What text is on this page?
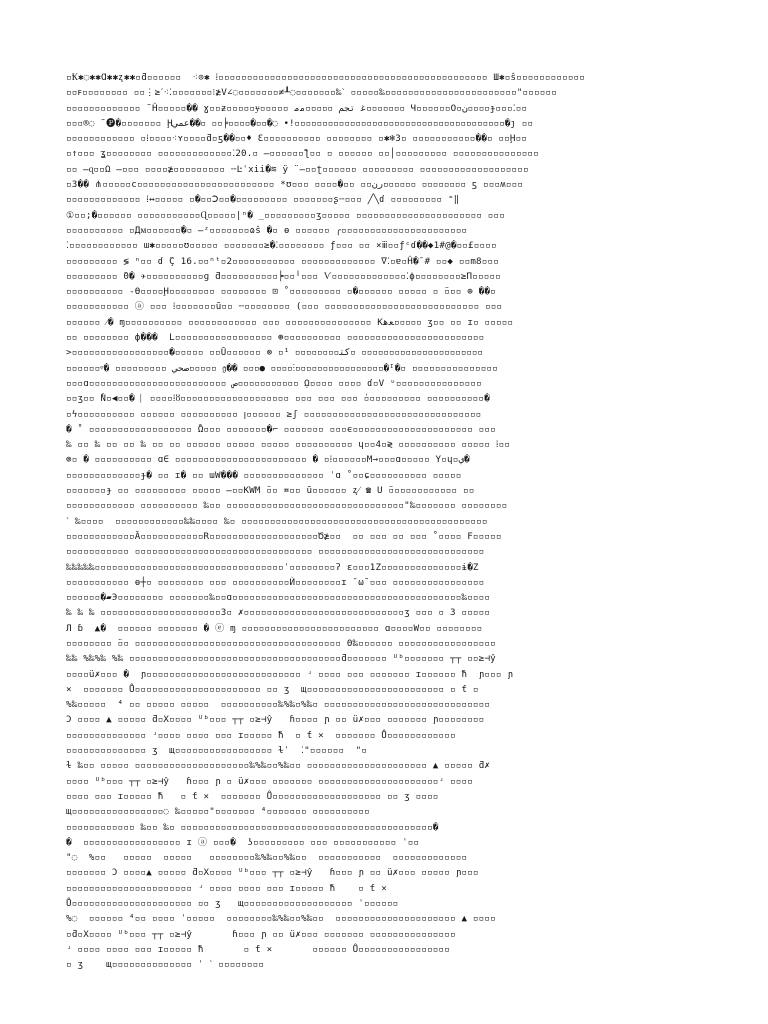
▫Ҟ✱◌✱✱Ɑ✱✱ʐ✱✱▫ƌ▫▫▫▫▫▫  ⁖⊙✱ ⁞▫▫▫▫▫▫▫▫▫▫▫▫▫▫▫▫▫▫▫▫▫▫▫▫▫▫▫▫▫▫▫▫▫▫▫▫▫▫▫▫▫▫▫▫▫▫▫ Ш✱▫ŝ▫▫▫▫▫▫▫▫▫▫▫▫
▫▫ꜰ▫▫▫▫▫▫▫▫ ▫▫⋮≥ˊ⁖⁚▫▫▫▫▫▫▫⁝≵V∠◌▫▫▫▫▫▫▫≠┸◌▫▫▫▫▫▫▫‰ˋ ▫▫▫▫▫‰▫▫▫▫▫▫▫▫▫▫▫▫▫▫▫▫▫▫▫▫▫▫▫"▫▫▫▫▫▫
▫▫▫▫▫▫▫▫▫▫▫▫▫ ˜Ĥ▫▫▫▫▫�� ɣ▫▫ƶ▫▫▫▫▫ɏ▫▫▫▫▫ ﻏ ﺗﺠﻢ ▫▫▫▫▫ﻣﻣ▫▫▫▫▫▫▫ Ч▫▫▫▫▫▫O▫ﻥ▫▫▫▫ɟ▫▫▫⁚▫▫
▫▫▫®◌ ̃ 🅟�▫▫▫▫▫▫▫ Ḩﻋﻤﻲ��▫ ▫▫╞▫▫▫▫�▫▫�◌ •!▫▫▫▫▫▫▫▫▫▫▫▫▫▫▫▫▫▫▫▫▫▫▫▫▫▫▫▫▫▫▫▫▫▫▫▫▫▫�ȷ ▫▫
▫▫▫▫▫▫▫▫▫▫▫▫ ▫⁞▫▫▫▫⁖ʏ▫▫▫▫ƌ▫ƽ��▫▫♦ Ɛ▫▫▫▫▫▫▫▫▫▫ ▫▫▫▫▫▫▫▫ ▫✱❄3▫ ▫▫▫▫▫▫▫▫▫▫▫��▫ ▫▫Ḩ▫▫
▫↑▫▫▫ ʓ▫▫▫▫▫▫▫▫ ▫▫▫▫▫▫▫▫▫▫▫▫▫⁚20.▫ ̶▫▫▫▫▫▫ƪ▫▫ ▫ ▫▫▫▫▫▫ ▫▫│▫▫▫▫▫▫▫▫▫ ▫▫▫▫▫▫▫▫▫▫▫▫▫▫▫
▫▫ ̶ɋ▫▫Ω ̶▫▫▫ ▫▫▫▫≱▫▫▫▫▫▫▫▫▫ ╌Ŀˈxii�≋ ÿ ̈ ̶▫▫ʈ▫▫▫▫▫▫ ▫▫▫▫▫▫▫▫▫ ▫▫▫▫▫▫▫▫▫▫▫▫▫▫▫▫▫▫▫
▫3�� ⋔▫▫▫▫▫ϲ▫▫▫▫▫▫▫▫▫▫▫▫▫▫▫▫▫▫▫▫▫▫▫▫ *ʊ▫▫▫ ▫▫▫▫�▫▫ ▫▫ﺭﻥ▫▫▫▫▫▫ ▫▫▫▫▫▫▫▫ ƽ ▫▫▫ʍ▫▫▫
▫▫▫▫▫▫▫▫▫▫▫▫▫ ⁞↔▫▫▫▫▫ ▫�▫▫Ↄ▫▫�▫▫▫▫▫▫▫▫▫ ▫▫▫▫▫▫▫ʂ╌▫▫▫ ╱╲ɗ ▫▫▫▫▫▫▫▫▫ ⁼‖
①▫▫;�▫▫▫▫▫▫ ▫▫▫▫▫▫▫▫▫▫▫Ɋ▫▫▫▫▫|ⁿ� ̲▫▫▫▫▫▫▫▫▫ʒ▫▫▫▫▫ ▫▫▫▫▫▫▫▫▫▫▫▫▫▫▫▫▫▫▫▫▫▫ ▫▫▫
▫▫▫▫▫▫▫▫▫▫ ▫Дᴍ▫▫▫▫▫▫�▫ ̶ᶻ▫▫▫▫▫▫▫ɷŝ �▫ ɵ ▫▫▫▫▫▫ ╭▫▫▫▫▫▫▫▫▫▫▫▫▫▫▫▫▫▫▫▫▫▫
⁚▫▫▫▫▫▫▫▫▫▫▫▫ ɯ✱▫▫▫▫▫ʊ▫▫▫▫▫ ▫▫▫▫▫▫▫≥�⁚▫▫▫▫▫▫▫▫ ƒ▫▫▫ ▫▫ ×ⅲ▫▫ƒᶜɗ��◆1#@�▫▫£▫▫▫▫
▫▫▫▫▫▫▫▫▫ ≶ ⁿ▫▫ ɗ ̈Ç 16.▫▫ⁿᵗ▫2▫▫▫▫▫▫▫▫▫▫▫ ▫▫▫▫▫▫▫▫▫▫▫▫▫ ∇⁚▫ɐ▫Ĥ�ˉ# ▫▫◆ ▫▫m8▫▫▫
▫▫▫▫▫▫▫▫▫ ̈0� ✈▫▫▫▫▫▫▫▫▫▫ɡ ƌ▫▫▫▫▫▫▫▫▫▫┝▫▫╵▫▫▫ Ѵ▫▫▫▫▫▫▫▫▫▫▫▫▫⁚ϕ▫▫▫▫▫▫▫▫≥Π▫▫▫▫▫
▫▫▫▫▫▫▫▫▫▫ -ϴ▫▫▫▫Ḩ▫▫▫▫▫▫▫▫ ▫▫▫▫▫▫▫▫ ⊡ ̊ ▫▫▫▫▫▫▫▫▫ ▫�▫▫▫▫▫▫ ▫▫▫▫▫ ▫ ̈▫▫▫ ⊕ ��▫
▫▫▫▫▫▫▫▫▫▫▫ ⓐ ▫▫▫ ⁞▫▫▫▫▫▫▫ũ▫▫ ╌▫▫▫▫▫▫▫▫ (▫▫▫ ▫▫▫▫▫▫▫▫▫▫▫▫▫▫▫▫▫▫▫▫▫▫▫▫▫▫▫ ▫▫▫
▫▫▫▫▫▫ ⁄� ɱ▫▫▫▫▫▫▫▫▫▫ ▫▫▫▫▫▫▫▫▫▫▫▫ ▫▫▫ ▫▫▫▫▫▫▫▫▫▫▫▫▫▫▫ Kﻌﻫ▫▫▫▫▫ ʒ▫▫ ▫▫ ɪ▫ ▫▫▫▫▫
▫▫ ▫▫▫▫▫▫▫▫ ф���  L▫▫▫▫▫▫▫▫▫▫▫▫▫▫▫▫▫ ⊛▫▫▫▫▫▫▫▫▫▫ ▫▫▫▫▫▫▫▫▫▫▫▫▫▫▫▫▫▫▫▫▫▫▫▫
>▫▫▫▫▫▫▫▫▫▫▫▫▫▫▫▫▫�▫▫▫▫▫ ▫▫Ū▫▫▫▫▫▫ ⊗ ▫ﻛﺘ▫▫▫▫▫▫▫▫ ¹▫ ▫▫▫▫▫▫▫▫▫▫▫▫▫▫▫▫▫▫▫▫▫▫
▫▫▫▫▫▫ᵠ� ▫▫▫▫▫▫▫▫▫ ﺻﺤﻲ▫▫▫▫▫ 𝔤�� ▫▫▫● ▫▫▫▫⁝▫▫▫▫▫▫▫▫▫▫▫▫▫▫▫▫�ᴵ�▫ ▫▫▫▫▫▫▫▫▫▫▫▫▫▫▫
▫▫▫ɑ▫▫▫▫▫▫▫▫▫▫▫▫▫▫▫▫▫▫▫▫▫▫▫▫ ﺹ▫▫▫▫▫▫▫▫▫▫▫ ῼ▫▫▫▫ ▫▫▫▫ ɗ▫V ᶹ▫▫▫▫▫▫▫▫▫▫▫▫▫▫▫
▫▫ʒ▫▫ ̀Ṅ▫◀▫▫� ⎸▫▫▫▫⁞ȣ▫▫▫▫▫▫▫▫▫▫▫▫▫▫▫▫▫▫▫ ▫▫▫ ▫▫▫ ▫▫▫ ̍▫▫▫▫▫▫▫▫▫▫ ▫▫▫▫▫▫▫▫▫▫�
▫ϟ▫▫▫▫▫▫▫▫▫▫ ▫▫▫▫▫▫ ▫▫▫▫▫▫▫▫▫▫ ꞁ▫▫▫▫▫▫ ≥ʃ ▫▫▫▫▫▫▫▫▫▫▫▫▫▫▫▫▫▫▫▫▫▫▫▫▫▫▫▫▫▫▫
� ̊  ▫▫▫▫▫▫▫▫▫▫▫▫▫▫▫▫▫▫ ̊Ω▫▫▫ ▫▫▫▫▫▫▫�⌐ ▫▫▫▫▫▫▫ ▫▫▫ϵ▫▫▫▫▫▫▫▫▫▫▫▫▫▫▫▫▫▫▫▫▫ ▫▫▫
‰ ▫▫ ‰ ▫▫ ▫▫ ‰ ▫▫ ▫▫ ▫▫▫▫▫▫ ▫▫▫▫▫ ▫▫▫▫▫ ▫▫▫▫▫▫▫▫▫▫ ɥ▫▫4▫≷ ▫▫▫▫▫▫▫▫▫▫ ▫▫▫▫▫ ⁞▫▫
⊚▫ � ▫▫▫▫▫▫▫▫▫▫ ɑ∈ ▫▫▫▫▫▫▫▫▫▫▫▫▫▫▫▫▫▫▫▫▫▫▫ � ▫⁞▫▫▫▫▫▫M→▫▫▫ɑ▫▫▫▫▫ Y▫ɥ▫ﻱ�
▫▫▫▫▫▫▫▫▫▫▫▫▫ɟ� ▫▫ ɪ� ▫▫ ɯW��� ▫▫▫▫▫▫▫▫▫▫▫▫▫▫ ˈɑ ̊ ▫▫ɕ▫▫▫▫▫▫▫▫▫▫ ▫▫▫▫▫
▫▫▫▫▫▫▫ɟ ▫▫ ▫▫▫▫▫▫▫▫▫ ▫▫▫▫▫ ̶▫▫KWM ̈▫▫ ≖▫▫ ũ▫▫▫▫▫▫ ʐ⁄ ☎ Ս ̈▫▫▫▫▫▫▫▫▫▫▫▫ ▫▫
▫▫▫▫▫▫▫▫▫▫▫▫ ▫▫▫▫▫▫▫▫▫▫ ‰▫▫ ▫▫▫▫▫▫▫▫▫▫▫▫▫▫▫▫▫▫▫▫▫▫▫▫▫▫▫▫▫▫▫"‰▫▫▫▫▫▫▫ ▫▫▫▫▫▫▫▫
ˋ ‰▫▫▫▫  ▫▫▫▫▫▫▫▫▫▫▫▫‰‰▫▫▫▫ ‰▫ ▫▫▫▫▫▫▫▫▫▫▫▫▫▫▫▫▫▫▫▫▫▫▫▫▫▫▫▫▫▫▫▫▫▫▫▫▫▫▫▫▫▫▫
▫▫▫▫▫▫▫▫▫▫▫▫Ȁ▫▫▫▫▫▫▫▫▫▫▫R▫▫▫▫▫▫▫▫▫▫▫▫▫▫▫▫▫▫▫Ծ≱▫▫  ▫▫ ▫▫▫ ▫▫ ▫▫▫ ̊ ▫▫▫▫ Ϝ▫▫▫▫▫
▫▫▫▫▫▫▫▫▫▫▫ ▫▫▫▫▫▫▫▫▫▫▫▫▫▫▫▫▫▫▫▫▫▫▫▫▫▫▫▫▫▫▫ ▫▫▫▫▫▫▫▫▫▫▫▫▫▫▫▫▫▫▫▫▫▫▫▫▫▫▫▫▫
‰‰‰‰‰▫▫▫▫▫▫▫▫▫▫▫▫▫▫▫▫▫▫▫▫▫▫▫▫▫▫▫▫▫▫▫▫▫ˈ▫▫▫▫▫▫▫▫ʔ ɛ▫▫▫1Z▫▫▫▫▫▫▫▫▫▫▫▫▫▫ɨ�Z
▫▫▫▫▫▫▫▫▫▫▫ ɵ┼▫ ▫▫▫▫▫▫▫▫ ▫▫▫ ▫▫▫▫▫▫▫▫▫▫Ѝ▫▫▫▫▫▫▫▫ɪ ̄ ω̃ ▫▫▫ ▫▫▫▫▫▫▫▫▫▫▫▫▫▫▫▫
▫▫▫▫▫▫�▰Э▫▫▫▫▫▫▫▫ ▫▫▫▫▫▫▫‰▫▫ɑ▫▫▫▫▫▫▫▫▫▫▫▫▫▫▫▫▫▫▫▫▫▫▫▫▫▫▫▫▫▫▫▫▫▫▫▫▫▫▫▫‰▫▫▫▫
‰ ‰ ‰ ▫▫▫▫▫▫▫▫▫▫▫▫▫▫▫▫▫▫▫▫▫3▫ ✗▫▫▫▫▫▫▫▫▫▫▫▫▫▫▫▫▫▫▫▫▫▫▫▫▫▫▫▫ʒ ▫▫▫ ▫ 3 ▫▫▫▫▫
Л ɓ  ▲�  ▫▫▫▫▫▫ ▫▫▫▫▫▫▫ � ⓔ ɱ ▫▫▫▫▫▫▫▫▫▫▫▫▫▫▫▫▫▫▫▫▫▫▫▫ ɑ▫▫▫▫W▫▫ ▫▫▫▫▫▫▫▫
▫▫▫▫▫▫▫▫ ̈▫▫ ▫▫▫▫▫▫▫▫▫▫▫▫▫▫▫▫▫▫▫▫▫▫▫▫▫▫▫▫▫▫▫▫▫▫▫▫ Θ‰▫▫▫▫▫▫ ▫▫▫▫▫▫▫▫▫▫▫▫▫▫▫▫▫
‰‰ %‰%‰ %‰ ▫▫▫▫▫▫▫▫▫▫▫▫▫▫▫▫▫▫▫▫▫▫▫▫▫▫▫▫▫▫▫▫▫▫▫▫▫ƌ▫▫▫▫▫▫▫ ᵁᵇ▫▫▫▫▫▫▫ ┬┬ ▫▫≥⊣ŷ
▫▫▫▫ü✗▫▫▫ �  ɲ▫▫▫▫▫▫▫▫▫▫▫▫▫▫▫▫▫▫▫▫▫▫▫▫▫▫▫ ʴ ▫▫▫▫ ▫▫▫ ▫▫▫▫▫▫▫ ɪ▫▫▫▫▫▫ ̄ħ  ɲ▫▫▫ ɲ
×  ▫▫▫▫▫▫▫ Ů▫▫▫▫▫▫▫▫▫▫▫▫▫▫▫▫▫▫▫▫▫▫ ▫▫ ʒ  щ▫▫▫▫▫▫▫▫▫▫▫▫▫▫▫▫▫▫▫▫▫▫▫▫ ▫ ƭ ▫
%‰▫▫▫▫▫  ⁴ ▫▫ ▫▫▫▫▫ ▫▫▫▫▫  ▫▫▫▫▫▫▫▫▫▫‰%‰▫%‰▫ ▫▫▫▫▫▫▫▫▫▫▫▫▫▫▫▫▫▫▫▫▫▫▫▫▫▫▫▫▫
Ɔ ▫▫▫▫ ▲ ▫▫▫▫▫ ƌ▫X▫▫▫▫ ᵁᵇ▫▫▫ ┬┬ ▫≥⊣ŷ   ɦ▫▫▫▫ ɲ ▫▫ ü✗▫▫▫ ▫▫▫▫▫▫▫ ɲ▫▫▫▫▫▫▫▫
▫▫▫▫▫▫▫▫▫▫▫▫▫▫ ʴ▫▫▫▫ ▫▫▫▫ ▫▫▫ ɪ▫▫▫▫▫ ̄ħ  ▫ ƭ ×  ▫▫▫▫▫▫▫ Ů▫▫▫▫▫▫▫▫▫▫▫▫
▫▫▫▫▫▫▫▫▫▫▫▫▫▫ ʒ  щ▫▫▫▫▫▫▫▫▫▫▫▫▫▫▫▫▫ ɫˈ  ⁚"▫▫▫▫▫▫  "▫
ɫ ‰▫▫ ▫▫▫▫▫ ▫▫▫▫▫▫▫▫▫▫▫▫▫▫▫▫▫▫▫▫‰%‰▫▫%‰▫▫ ▫▫▫▫▫▫▫▫▫▫▫▫▫▫▫▫▫▫▫▫▫ ▲ ▫▫▫▫▫ ƌ✗
▫▫▫▫ ᵁᵇ▫▫▫ ┬┬ ▫≥⊣ŷ   ɦ▫▫▫ ɲ ▫ ü✗▫▫▫ ▫▫▫▫▫▫▫ ▫▫▫▫▫▫▫▫▫▫▫▫▫▫▫▫▫▫▫▫▫ʴ ▫▫▫▫
▫▫▫▫ ▫▫▫ ɪ▫▫▫▫▫ ̄ħ   ▫ ƭ ×  ▫▫▫▫▫▫▫ Ů▫▫▫▫▫▫▫▫▫▫▫▫▫▫▫▫▫▫▫ ▫▫ ʒ ▫▫▫▫
щ▫▫▫▫▫▫▫▫▫▫▫▫▫▫▫▫◌ ‰▫▫▫▫▫"▫▫▫▫▫▫▫ ⁴▫▫▫▫▫▫▫ ▫▫▫▫▫▫▫▫▫▫
▫▫▫▫▫▫▫▫▫▫▫▫ ‰▫▫ ‰▫ ▫▫▫▫▫▫▫▫▫▫▫▫▫▫▫▫▫▫▫▫▫▫▫▫▫▫▫▫▫▫▫▫▫▫▫▫▫▫▫▫▫▫▫▫�
�  ▫▫▫▫▫▫▫▫▫▫▫▫▫▫▫▫▫ ɪ ⓐ ▫▫▫�  ʖ▫▫▫▫▫▫▫▫▫ ▫▫▫ ▫▫▫▫▫▫▫▫▫▫▫ ˈ▫▫
"◌  %▫▫   ▫▫▫▫▫  ▫▫▫▫▫   ▫▫▫▫▫▫▫▫‰%‰▫▫%‰▫▫  ▫▫▫▫▫▫▫▫▫▫▫  ▫▫▫▫▫▫▫▫▫▫▫▫▫
▫▫▫▫▫▫▫ Ɔ ▫▫▫▫▲ ▫▫▫▫▫ ƌ▫X▫▫▫▫ ᵁᵇ▫▫▫ ┬┬ ▫≥⊣ŷ   ɦ▫▫▫ ɲ ▫▫ ü✗▫▫▫ ▫▫▫▫▫ ɲ▫▫▫
▫▫▫▫▫▫▫▫▫▫▫▫▫▫▫▫▫▫▫▫▫▫ ʴ ▫▫▫▫ ▫▫▫▫ ▫▫▫ ɪ▫▫▫▫▫ ̄ħ    ▫ ƭ ×
Ů▫▫▫▫▫▫▫▫▫▫▫▫▫▫▫▫▫▫▫▫▫ ▫▫ ʒ   щ▫▫▫▫▫▫▫▫▫▫▫▫▫▫▫▫▫▫▫ ˈ▫▫▫▫▫▫
%◌  ▫▫▫▫▫▫ ⁴▫▫ ▫▫▫▫ ˈ▫▫▫▫▫  ▫▫▫▫▫▫▫▫‰%‰▫▫%‰▫▫  ▫▫▫▫▫▫▫▫▫▫▫▫▫▫▫▫▫▫▫▫▫ ▲ ▫▫▫▫
▫ƌ▫X▫▫▫▫ ᵁᵇ▫▫▫ ┬┬ ▫≥⊣ŷ       ɦ▫▫▫ ɲ ▫▫ ü✗▫▫▫ ▫▫▫▫▫▫▫ ▫▫▫▫▫▫▫▫▫▫▫▫▫▫▫
ʴ ▫▫▫▫ ▫▫▫▫ ▫▫▫ ɪ▫▫▫▫▫ ̄ħ       ▫ ƭ ×       ▫▫▫▫▫▫ Ů▫▫▫▫▫▫▫▫▫▫▫▫▫▫▫▫
▫ ʒ    щ▫▫▫▫▫▫▫▫▫▫▫▫▫▫ ˈ ˋ ▫▫▫▫▫▫▫▫
